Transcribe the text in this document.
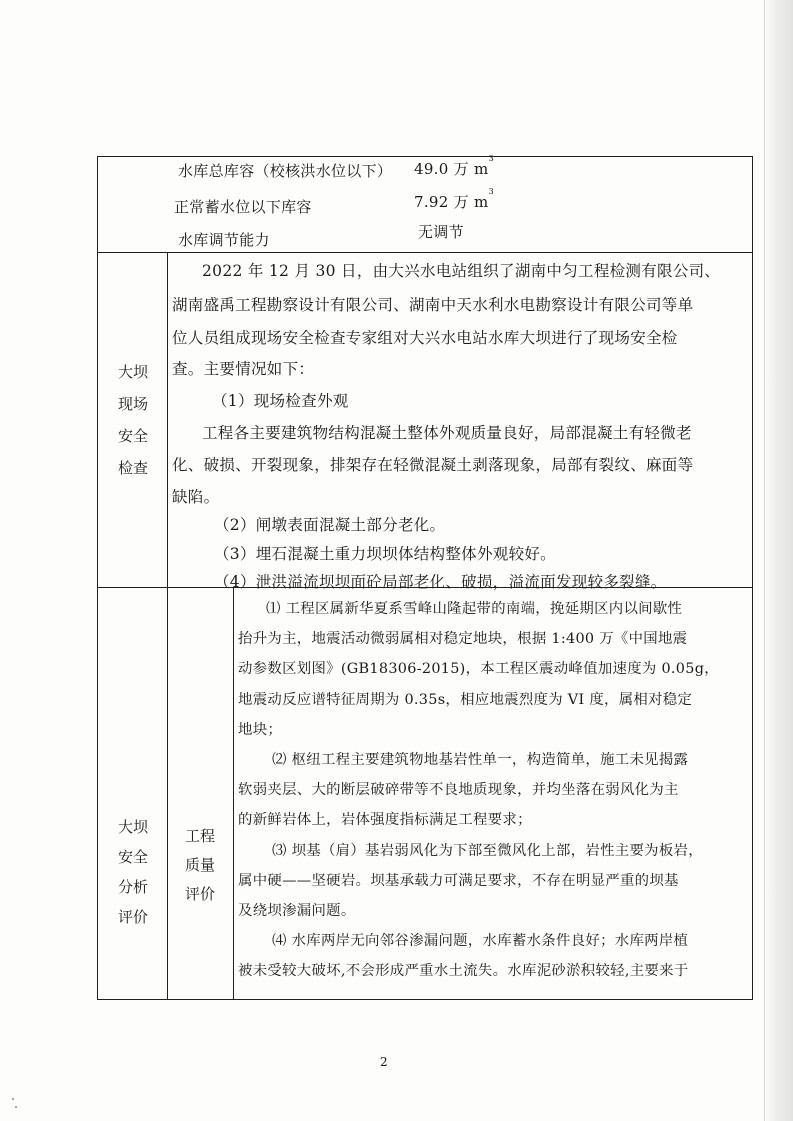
水库总库容（校核洪水位以下） 49.0 万 $m^3$
正常蓄水位以下库容	7.92 万 $m^3$
水库调节能力	无调节
大坝
现场
安全
检查
2022 年 12 月 30 日，由大兴水电站组织了湖南中匀工程检测有限公司、
湖南盛禹工程勘察设计有限公司、湖南中天水利水电勘察设计有限公司等单
位人员组成现场安全检查专家组对大兴水电站水库大坝进行了现场安全检
查。主要情况如下：
（1）现场检查外观
工程各主要建筑物结构混凝土整体外观质量良好，局部混凝土有轻微老
化、破损、开裂现象，排架存在轻微混凝土剥落现象，局部有裂纹、麻面等
缺陷。
（2）闸墩表面混凝土部分老化。
（3）埋石混凝土重力坝坝体结构整体外观较好。
（4）泄洪溢流坝坝面砼局部老化、破损，溢流面发现较多裂缝。
大坝
安全
分析
评价
工程
质量
评价
⑴ 工程区属新华夏系雪峰山隆起带的南端，挽延期区内以间歇性
抬升为主，地震活动微弱属相对稳定地块，根据 1:400 万《中国地震
动参数区划图》(GB18306-2015)，本工程区震动峰值加速度为 0.05g，
地震动反应谱特征周期为 0.35s，相应地震烈度为 VI 度，属相对稳定
地块；
⑵ 枢纽工程主要建筑物地基岩性单一，构造简单，施工未见揭露
软弱夹层、大的断层破碎带等不良地质现象，并均坐落在弱风化为主
的新鲜岩体上，岩体强度指标满足工程要求；
⑶ 坝基（肩）基岩弱风化为下部至微风化上部，岩性主要为板岩，
属中硬——坚硬岩。坝基承载力可满足要求，不存在明显严重的坝基
及绕坝渗漏问题。
⑷ 水库两岸无向邻谷渗漏问题，水库蓄水条件良好；水库两岸植
被未受较大破坏,不会形成严重水土流失。水库泥砂淤积较轻,主要来于
2
